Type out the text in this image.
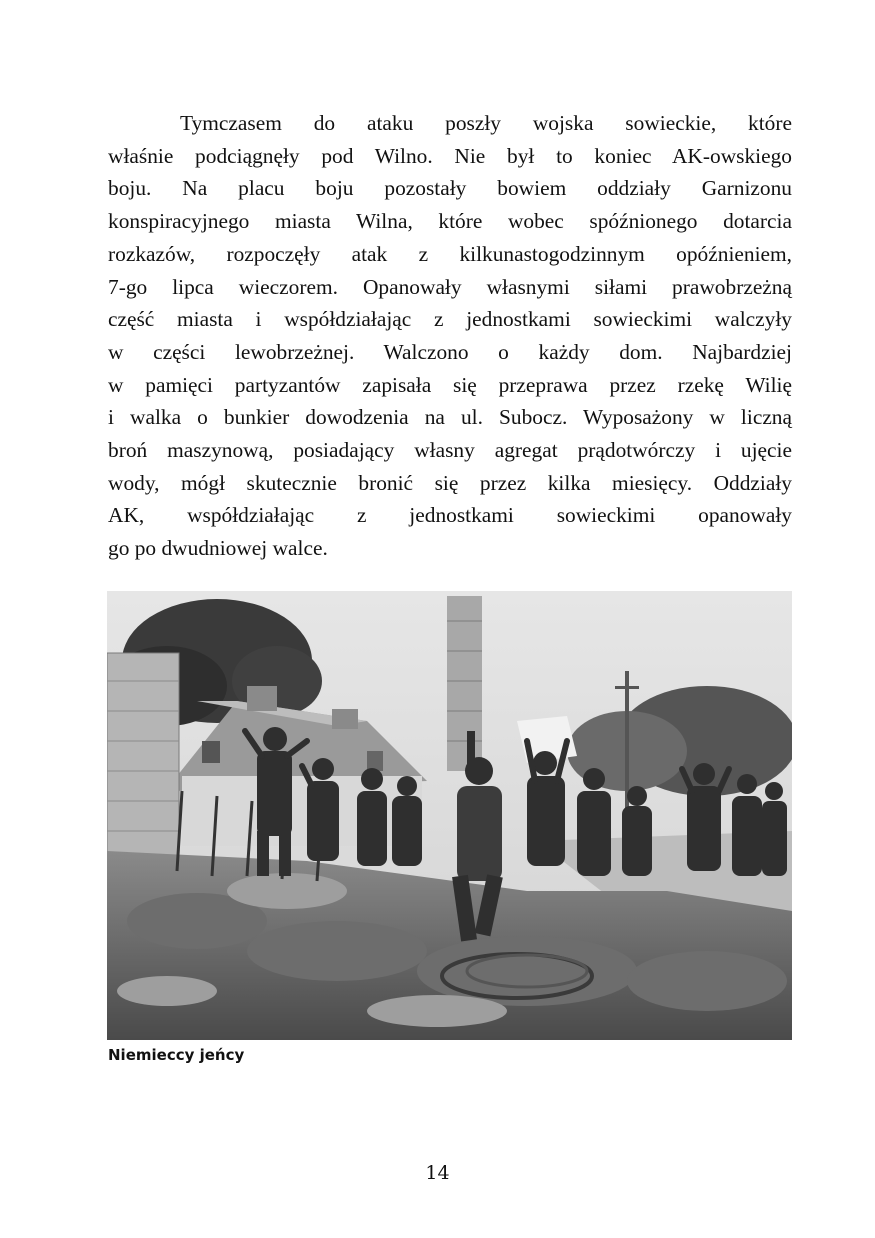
Tymczasem do ataku poszły wojska sowieckie, które
właśnie podciągnęły pod Wilno. Nie był to koniec AK-owskiego
boju. Na placu boju pozostały bowiem oddziały Garnizonu
konspiracyjnego miasta Wilna, które wobec spóźnionego dotarcia
rozkazów, rozpoczęły atak z kilkunastogodzinnym opóźnieniem,
7-go lipca wieczorem. Opanowały własnymi siłami prawobrzeżną
część miasta i współdziałając z jednostkami sowieckimi walczyły
w części lewobrzeżnej. Walczono o każdy dom. Najbardziej
w pamięci partyzantów zapisała się przeprawa przez rzekę Wilię
i walka o bunkier dowodzenia na ul. Subocz. Wyposażony w liczną
broń maszynową, posiadający własny agregat prądotwórczy i ujęcie
wody, mógł skutecznie bronić się przez kilka miesięcy. Oddziały
AK, współdziałając z jednostkami sowieckimi opanowały
go po dwudniowej walce.

Niemieccy jeńcy

14
